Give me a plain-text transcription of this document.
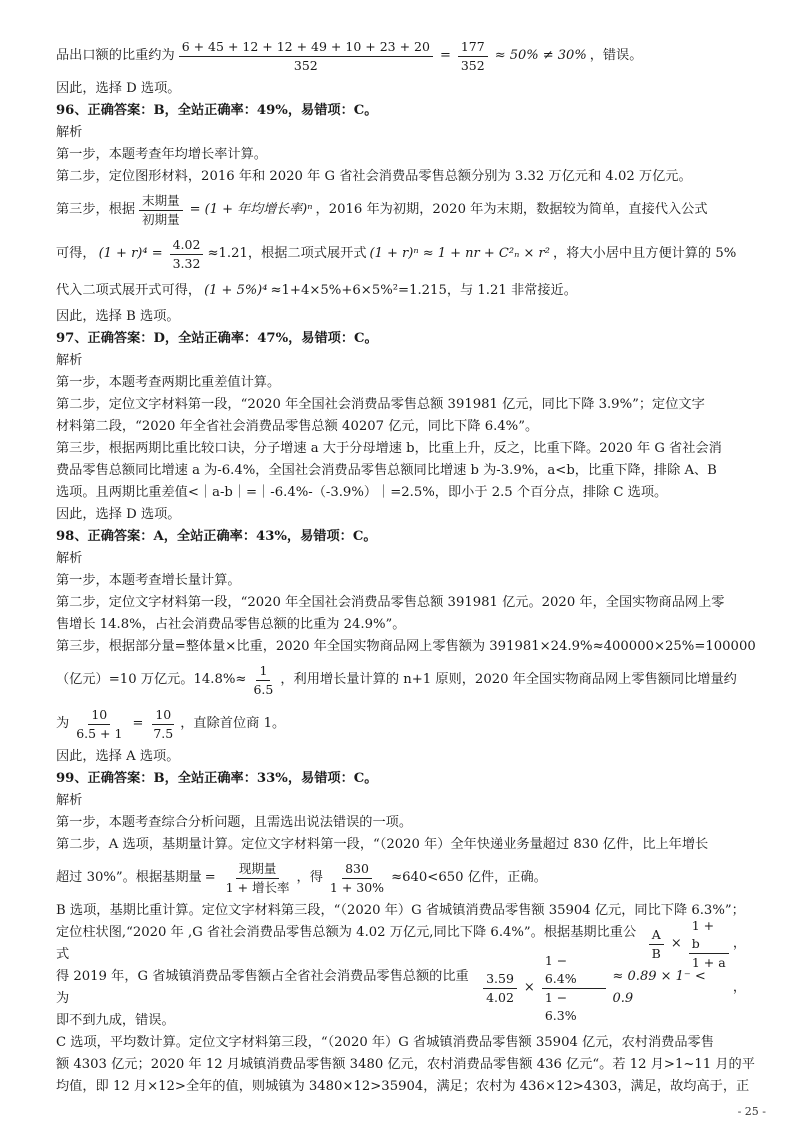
品出口额的比重约为 $\frac{6 + 45 + 12 + 12 + 49 + 10 + 23 + 20}{352} = \frac{177}{352} \approx 50\% \ne 30\%$ ，错误。
因此，选择 D 选项。
96、正确答案：B，全站正确率：49%，易错项：C。
解析
第一步，本题考查年均增长率计算。
第二步，定位图形材料，2016 年和 2020 年 G 省社会消费品零售总额分别为 3.32 万亿元和 4.02 万亿元。
第三步，根据 $\frac{\text{末期量}}{\text{初期量}} = (1$ + 年均增长率)ⁿ ，2016 年为初期，2020 年为末期，数据较为简单，直接代入公式
可得， $(1 + r)^4 = \frac{4.02}{3.32} \approx 1.21$，根据二项式展开式 (1 + r)ⁿ ≈ 1 + nr + C²ₙ × r² ，将大小居中且方便计算的 5%
代入二项式展开式可得， (1 + 5%)⁴ ≈1+4×5%+6×5%²=1.215，与 1.21 非常接近。
因此，选择 B 选项。
97、正确答案：D，全站正确率：47%，易错项：C。
解析
第一步，本题考查两期比重差值计算。
第二步，定位文字材料第一段，“2020 年全国社会消费品零售总额 391981 亿元，同比下降 3.9%”；定位文字
材料第二段，“2020 年全省社会消费品零售总额 40207 亿元，同比下降 6.4%”。
第三步，根据两期比重比较口诀，分子增速 a 大于分母增速 b，比重上升，反之，比重下降。2020 年 G 省社会消
费品零售总额同比增速 a 为-6.4%，全国社会消费品零售总额同比增速 b 为-3.9%，a<b，比重下降，排除 A、B
选项。且两期比重差值<｜a-b｜=｜-6.4%-（-3.9%）｜=2.5%，即小于 2.5 个百分点，排除 C 选项。
因此，选择 D 选项。
98、正确答案：A，全站正确率：43%，易错项：C。
解析
第一步，本题考查增长量计算。
第二步，定位文字材料第一段，“2020 年全国社会消费品零售总额 391981 亿元。2020 年，全国实物商品网上零
售增长 14.8%，占社会消费品零售总额的比重为 24.9%”。
第三步，根据部分量=整体量×比重，2020 年全国实物商品网上零售额为 391981×24.9%≈400000×25%=100000
（亿元）=10 万亿元。$14.8\%\approx \frac{1}{6.5}$ ，利用增长量计算的 n+1 原则，2020 年全国实物商品网上零售额同比增量约
为 $\frac{10}{6.5 + 1} = \frac{10}{7.5}$ ，直除首位商 1。
因此，选择 A 选项。
99、正确答案：B，全站正确率：33%，易错项：C。
解析
第一步，本题考查综合分析问题，且需选出说法错误的一项。
第二步，A 选项，基期量计算。定位文字材料第一段，“（2020 年）全年快递业务量超过 830 亿件，比上年增长
超过 30%”。根据基期量 = $\frac{\text{现期量}}{\text{1 + 增长率}}$ ，得 $\frac{830}{1 + 30\%} \approx 640<650$ 亿件，正确。
B 选项，基期比重计算。定位文字材料第三段，“（2020 年）G 省城镇消费品零售额 35904 亿元，同比下降 6.3%”；
定位柱状图,“2020 年 ,G 省社会消费品零售总额为 4.02 万亿元,同比下降 6.4%”。根据基期比重公式	$\frac{A}{B} \times \frac{1 + b}{1 + a}$ ，
得 2019 年，G 省城镇消费品零售额占全省社会消费品零售总额的比重为	$\frac{3.59}{4.02} \times \frac{1 - 6.4\%}{1 - 6.3\%} \approx 0.89 \times 1^- < 0.9$
，
即不到九成，错误。
C 选项，平均数计算。定位文字材料第三段，“（2020 年）G 省城镇消费品零售额 35904 亿元，农村消费品零售
额 4303 亿元；2020 年 12 月城镇消费品零售额 3480 亿元，农村消费品零售额 436 亿元“。若 12 月>1~11 月的平
均值，即 12 月×12>全年的值，则城镇为 3480×12>35904，满足；农村为 436×12>4303，满足，故均高于，正
- 25 -
